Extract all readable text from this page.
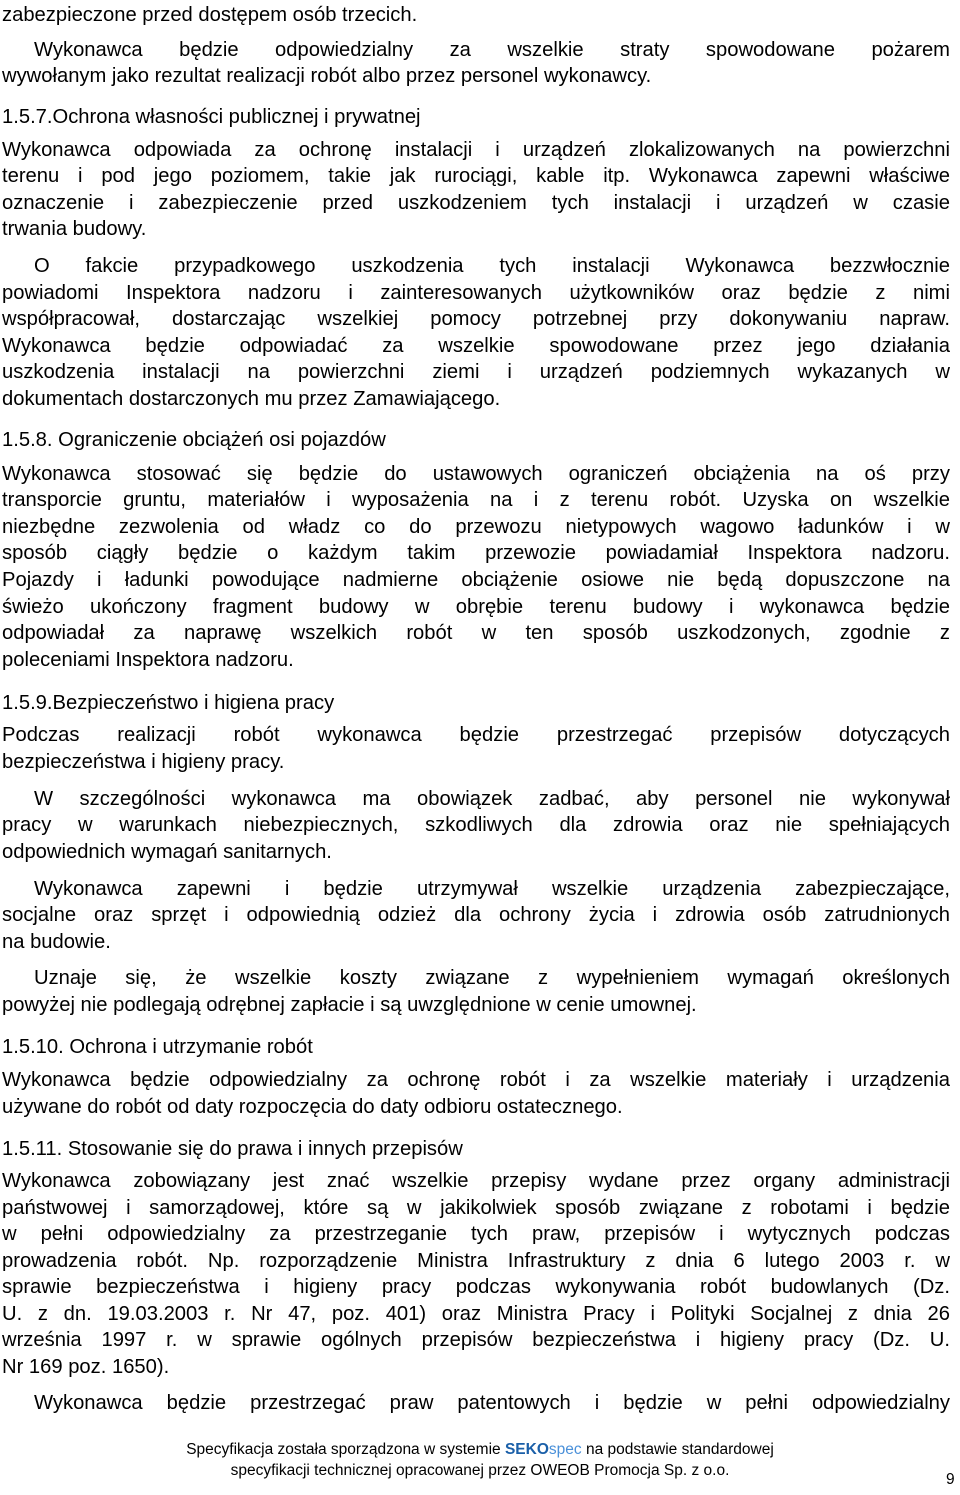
zabezpieczone przed dostępem osób trzecich.
Wykonawca będzie odpowiedzialny za wszelkie straty spowodowane pożarem
wywołanym jako rezultat realizacji robót albo przez personel wykonawcy.
1.5.7.Ochrona własności publicznej i prywatnej
Wykonawca odpowiada za ochronę instalacji i urządzeń zlokalizowanych na powierzchni
terenu i pod jego poziomem, takie jak rurociągi, kable itp. Wykonawca zapewni właściwe
oznaczenie i zabezpieczenie przed uszkodzeniem tych instalacji i urządzeń w czasie
trwania budowy.
O fakcie przypadkowego uszkodzenia tych instalacji Wykonawca bezzwłocznie
powiadomi Inspektora nadzoru i zainteresowanych użytkowników oraz będzie z nimi
współpracował, dostarczając wszelkiej pomocy potrzebnej przy dokonywaniu napraw.
Wykonawca będzie odpowiadać za wszelkie spowodowane przez jego działania
uszkodzenia instalacji na powierzchni ziemi i urządzeń podziemnych wykazanych w
dokumentach dostarczonych mu przez Zamawiającego.
1.5.8. Ograniczenie obciążeń osi pojazdów
Wykonawca stosować się będzie do ustawowych ograniczeń obciążenia na oś przy
transporcie gruntu, materiałów i wyposażenia na i z terenu robót. Uzyska on wszelkie
niezbędne zezwolenia od władz co do przewozu nietypowych wagowo ładunków i w
sposób ciągły będzie o każdym takim przewozie powiadamiał Inspektora nadzoru.
Pojazdy i ładunki powodujące nadmierne obciążenie osiowe nie będą dopuszczone na
świeżo ukończony fragment budowy w obrębie terenu budowy i wykonawca będzie
odpowiadał za naprawę wszelkich robót w ten sposób uszkodzonych, zgodnie z
poleceniami Inspektora nadzoru.
1.5.9.Bezpieczeństwo i higiena pracy
Podczas realizacji robót wykonawca będzie przestrzegać przepisów dotyczących
bezpieczeństwa i higieny pracy.
W szczególności wykonawca ma obowiązek zadbać, aby personel nie wykonywał
pracy w warunkach niebezpiecznych, szkodliwych dla zdrowia oraz nie spełniających
odpowiednich wymagań sanitarnych.
Wykonawca zapewni i będzie utrzymywał wszelkie urządzenia zabezpieczające,
socjalne oraz sprzęt i odpowiednią odzież dla ochrony życia i zdrowia osób zatrudnionych
na budowie.
Uznaje się, że wszelkie koszty związane z wypełnieniem wymagań określonych
powyżej nie podlegają odrębnej zapłacie i są uwzględnione w cenie umownej.
1.5.10. Ochrona i utrzymanie robót
Wykonawca będzie odpowiedzialny za ochronę robót i za wszelkie materiały i urządzenia
używane do robót od daty rozpoczęcia do daty odbioru ostatecznego.
1.5.11. Stosowanie się do prawa i innych przepisów
Wykonawca zobowiązany jest znać wszelkie przepisy wydane przez organy administracji
państwowej i samorządowej, które są w jakikolwiek sposób związane z robotami i będzie
w pełni odpowiedzialny za przestrzeganie tych praw, przepisów i wytycznych podczas
prowadzenia robót. Np. rozporządzenie Ministra Infrastruktury z dnia 6 lutego 2003 r. w
sprawie bezpieczeństwa i higieny pracy podczas wykonywania robót budowlanych (Dz.
U. z dn. 19.03.2003 r. Nr 47, poz. 401) oraz Ministra Pracy i Polityki Socjalnej z dnia 26
września 1997 r. w sprawie ogólnych przepisów bezpieczeństwa i higieny pracy (Dz. U.
Nr 169 poz. 1650).
Wykonawca będzie przestrzegać praw patentowych i będzie w pełni odpowiedzialny
Specyfikacja została sporządzona w systemie SEKOspec na podstawie standardowej
specyfikacji technicznej opracowanej przez OWEOB Promocja Sp. z o.o.
9
